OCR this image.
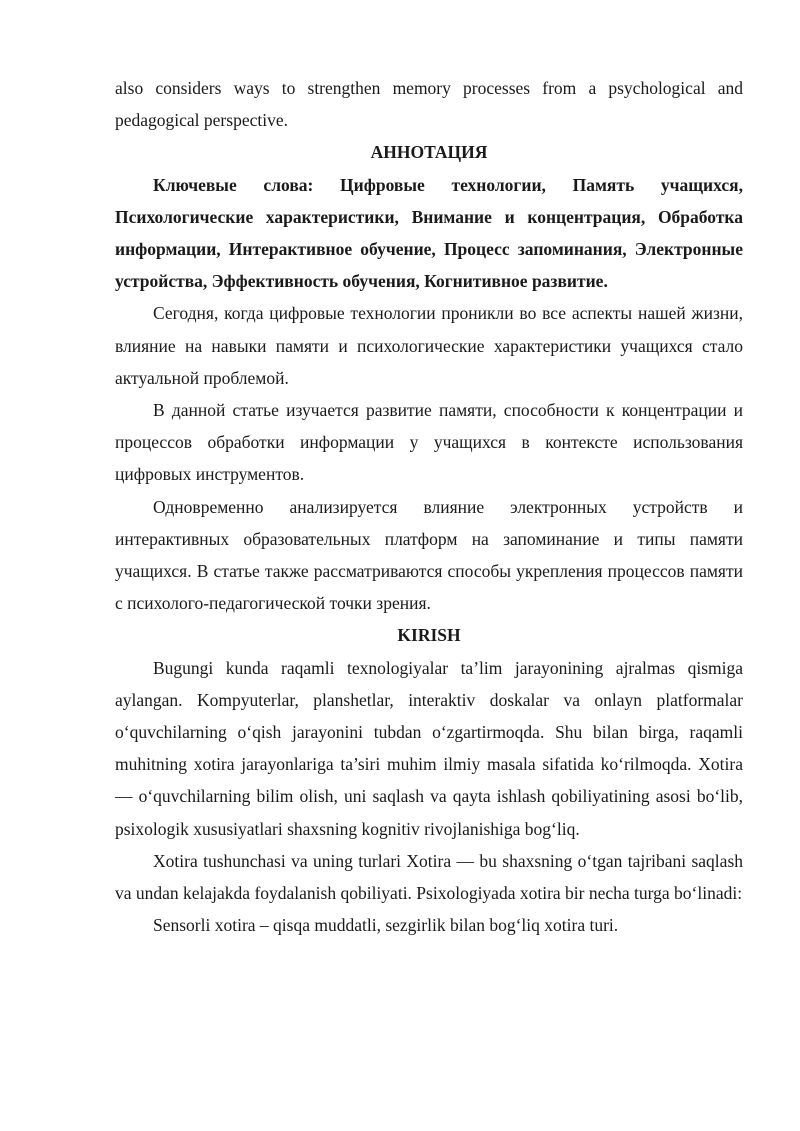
also considers ways to strengthen memory processes from a psychological and pedagogical perspective.

АННОТАЦИЯ

Ключевые слова: Цифровые технологии, Память учащихся, Психологические характеристики, Внимание и концентрация, Обработка информации, Интерактивное обучение, Процесс запоминания, Электронные устройства, Эффективность обучения, Когнитивное развитие.

Сегодня, когда цифровые технологии проникли во все аспекты нашей жизни, влияние на навыки памяти и психологические характеристики учащихся стало актуальной проблемой.

В данной статье изучается развитие памяти, способности к концентрации и процессов обработки информации у учащихся в контексте использования цифровых инструментов.

Одновременно анализируется влияние электронных устройств и интерактивных образовательных платформ на запоминание и типы памяти учащихся. В статье также рассматриваются способы укрепления процессов памяти с психолого-педагогической точки зрения.

KIRISH

Bugungi kunda raqamli texnologiyalar ta’lim jarayonining ajralmas qismiga aylangan. Kompyuterlar, planshetlar, interaktiv doskalar va onlayn platformalar o‘quvchilarning o‘qish jarayonini tubdan o‘zgartirmoqda. Shu bilan birga, raqamli muhitning xotira jarayonlariga ta’siri muhim ilmiy masala sifatida ko‘rilmoqda. Xotira — o‘quvchilarning bilim olish, uni saqlash va qayta ishlash qobiliyatining asosi bo‘lib, psixologik xususiyatlari shaxsning kognitiv rivojlanishiga bog‘liq.

Xotira tushunchasi va uning turlari Xotira — bu shaxsning o‘tgan tajribani saqlash va undan kelajakda foydalanish qobiliyati. Psixologiyada xotira bir necha turga bo‘linadi:

Sensorli xotira – qisqa muddatli, sezgirlik bilan bog‘liq xotira turi.
